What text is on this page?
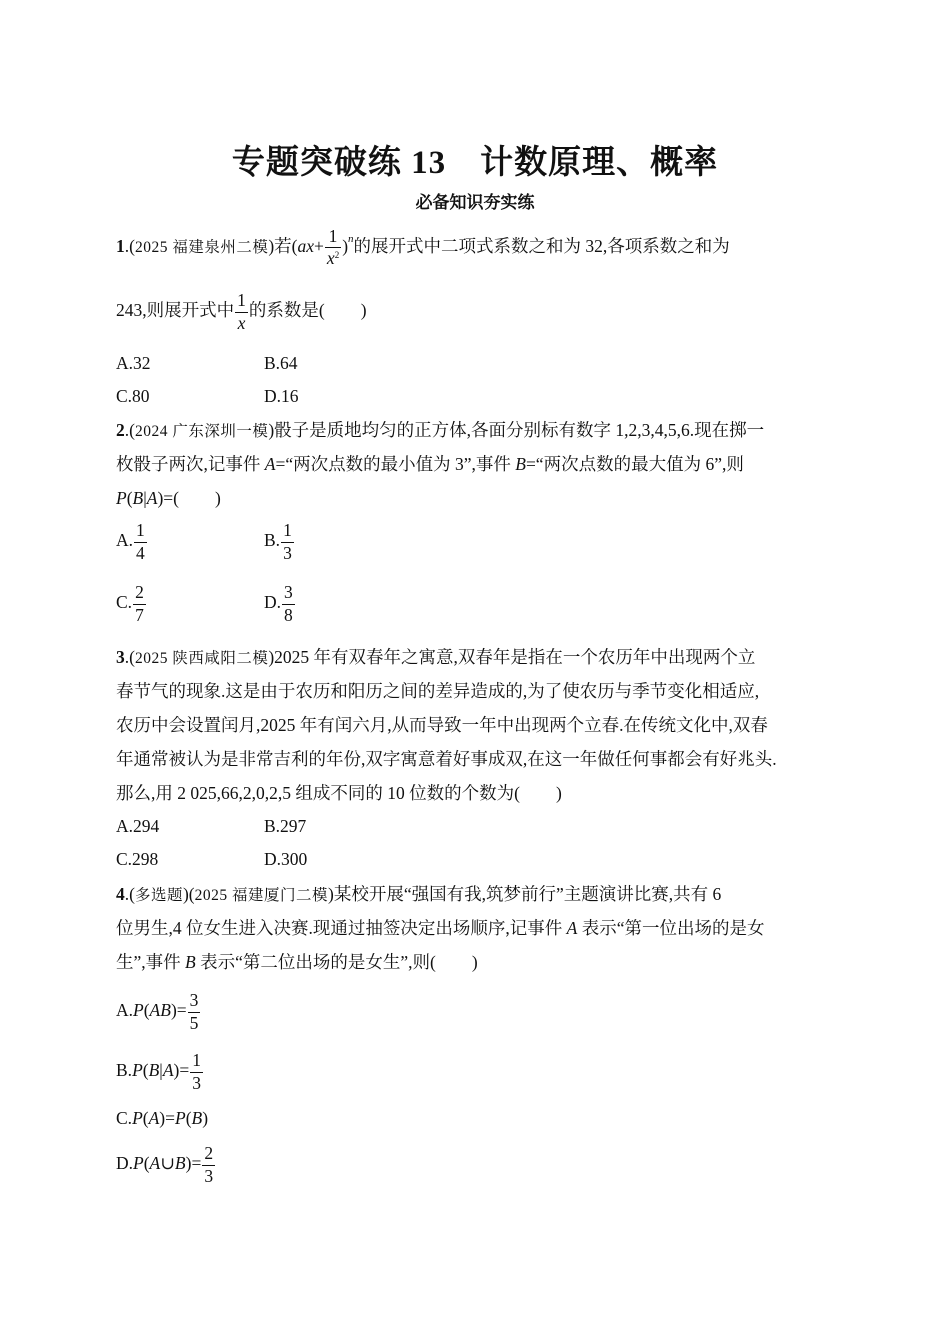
专题突破练 13　计数原理、概率
必备知识夯实练
1.(2025 福建泉州二模)若$(ax+ \frac{1}{x^2} )^n$的展开式中二项式系数之和为 32,各项系数之和为
243,则展开式中 $\frac{1}{x}$ 的系数是( )
A.32	B.64
C.80	D.16
2.(2024 广东深圳一模)骰子是质地均匀的正方体,各面分别标有数字 1,2,3,4,5,6.现在掷一
枚骰子两次,记事件 A=“两次点数的最小值为 3”,事件 B=“两次点数的最大值为 6”,则
P(B|A)=( )
A. $\frac{1}{4}$	B. $\frac{1}{3}$
C. $\frac{2}{7}$	D. $\frac{3}{8}$
3.(2025 陕西咸阳二模)2025 年有双春年之寓意,双春年是指在一个农历年中出现两个立
春节气的现象.这是由于农历和阳历之间的差异造成的,为了使农历与季节变化相适应,
农历中会设置闰月,2025 年有闰六月,从而导致一年中出现两个立春.在传统文化中,双春
年通常被认为是非常吉利的年份,双字寓意着好事成双,在这一年做任何事都会有好兆头.
那么,用 2 025,66,2,0,2,5 组成不同的 10 位数的个数为( )
A.294	B.297
C.298	D.300
4.(多选题)(2025 福建厦门二模)某校开展“强国有我,筑梦前行”主题演讲比赛,共有 6
位男生,4 位女生进入决赛.现通过抽签决定出场顺序,记事件 A 表示“第一位出场的是女
生”,事件 B 表示“第二位出场的是女生”,则( )
$A.P(AB)= \frac{3}{5}$
$B.P(B|A)= \frac{1}{3}$
C.P(A)=P(B)
D.P(A∪B)= $\frac{2}{3}$
